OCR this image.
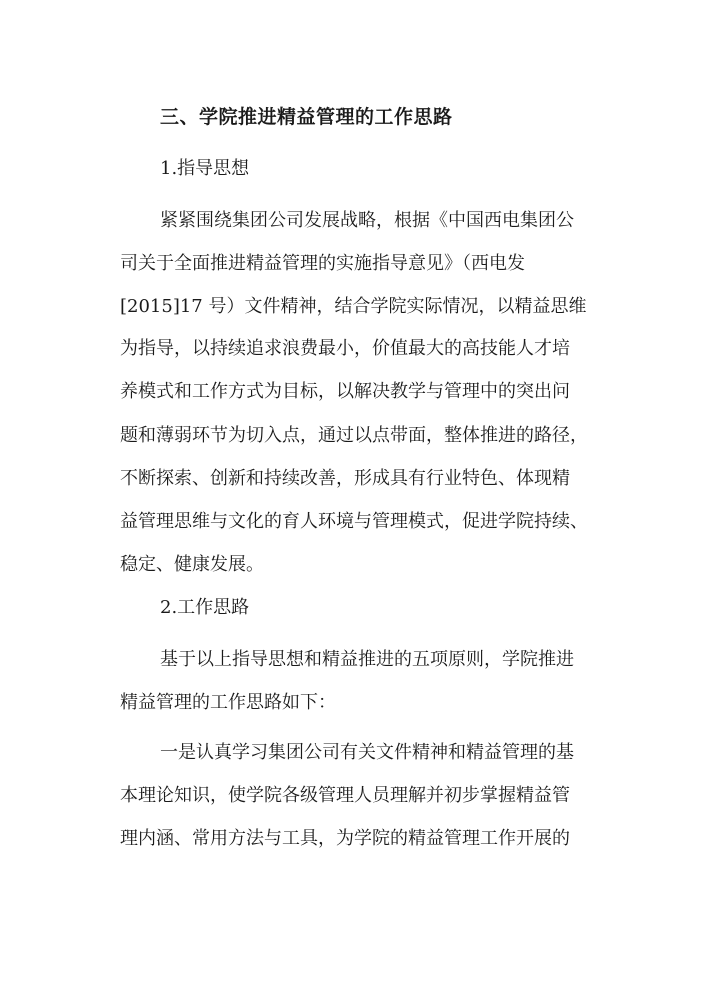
三、学院推进精益管理的工作思路
1.指导思想
紧紧围绕集团公司发展战略，根据《中国西电集团公
司关于全面推进精益管理的实施指导意见》（西电发
[2015]17 号）文件精神，结合学院实际情况，以精益思维
为指导，以持续追求浪费最小，价值最大的高技能人才培
养模式和工作方式为目标，以解决教学与管理中的突出问
题和薄弱环节为切入点，通过以点带面，整体推进的路径，
不断探索、创新和持续改善，形成具有行业特色、体现精
益管理思维与文化的育人环境与管理模式，促进学院持续、
稳定、健康发展。
2.工作思路
基于以上指导思想和精益推进的五项原则，学院推进
精益管理的工作思路如下：
一是认真学习集团公司有关文件精神和精益管理的基
本理论知识，使学院各级管理人员理解并初步掌握精益管
理内涵、常用方法与工具，为学院的精益管理工作开展的
